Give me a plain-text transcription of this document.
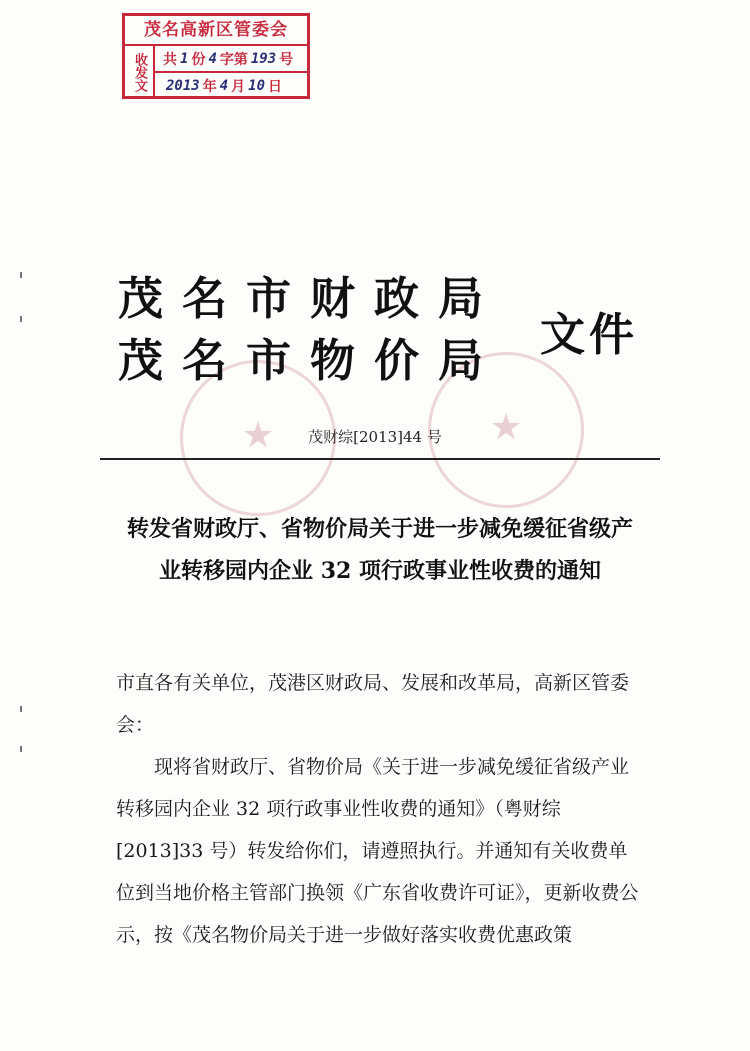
茂名高新区管委会
收发文 共 1 份 4 字第 193 号
2013 年 4 月 10 日
★	★
茂名市财政局
茂名市物价局 文件
茂财综[2013]44 号
转发省财政厅、省物价局关于进一步减免缓征省级产
业转移园内企业 32 项行政事业性收费的通知

市直各有关单位，茂港区财政局、发展和改革局，高新区管委会：

现将省财政厅、省物价局《关于进一步减免缓征省级产业转移园内企业 32 项行政事业性收费的通知》（粤财综[2013]33 号）转发给你们，请遵照执行。并通知有关收费单位到当地价格主管部门换领《广东省收费许可证》，更新收费公示，按《茂名物价局关于进一步做好落实收费优惠政策
